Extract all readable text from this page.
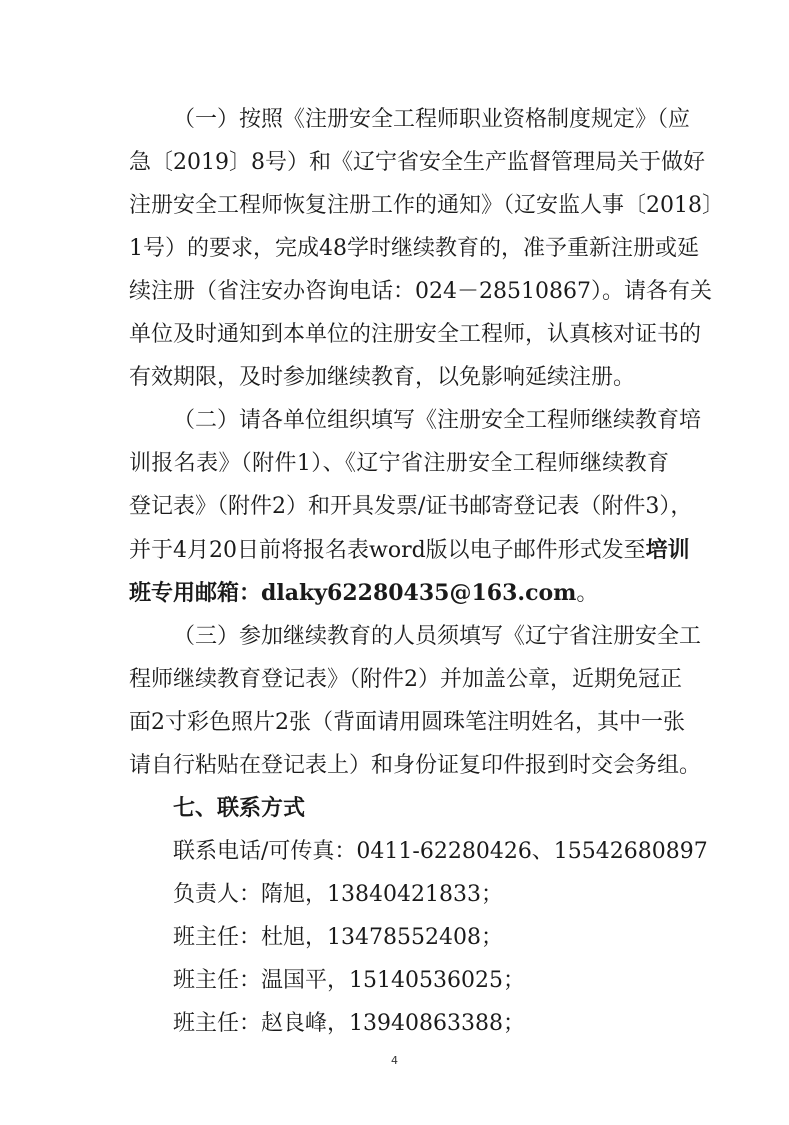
（一）按照《注册安全工程师职业资格制度规定》（应
急〔2019〕8号）和《辽宁省安全生产监督管理局关于做好
注册安全工程师恢复注册工作的通知》（辽安监人事〔2018〕
1号）的要求，完成48学时继续教育的，准予重新注册或延
续注册（省注安办咨询电话：024－28510867）。请各有关
单位及时通知到本单位的注册安全工程师，认真核对证书的
有效期限，及时参加继续教育，以免影响延续注册。
（二）请各单位组织填写《注册安全工程师继续教育培
训报名表》（附件1）、《辽宁省注册安全工程师继续教育
登记表》（附件2）和开具发票/证书邮寄登记表（附件3），
并于4月20日前将报名表word版以电子邮件形式发至培训
班专用邮箱：dlaky62280435@163.com。
（三）参加继续教育的人员须填写《辽宁省注册安全工
程师继续教育登记表》（附件2）并加盖公章，近期免冠正
面2寸彩色照片2张（背面请用圆珠笔注明姓名，其中一张
请自行粘贴在登记表上）和身份证复印件报到时交会务组。
七、联系方式
联系电话/可传真：0411-62280426、15542680897
负责人：隋旭，13840421833；
班主任：杜旭，13478552408；
班主任：温国平，15140536025；
班主任：赵良峰，13940863388；
4
